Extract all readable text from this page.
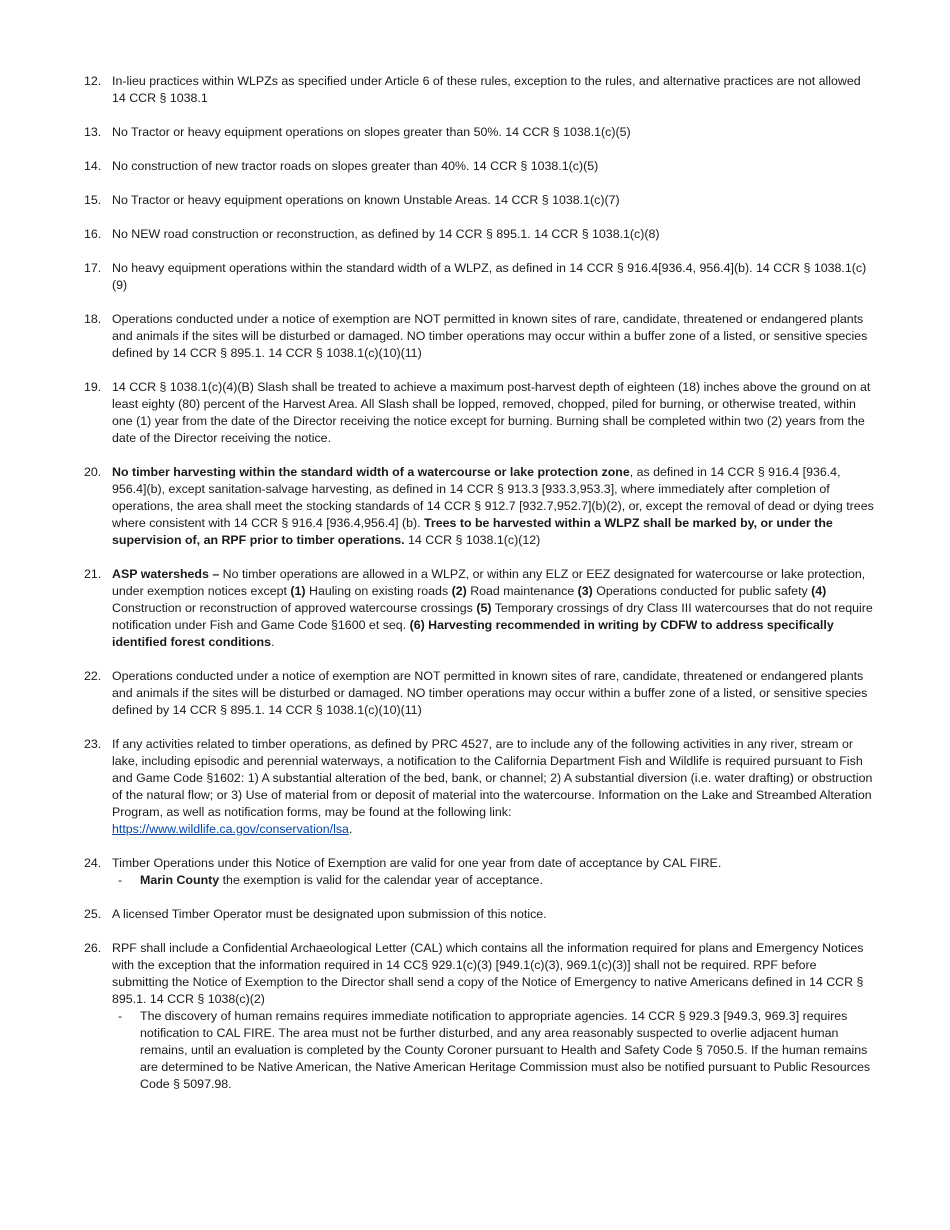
12. In-lieu practices within WLPZs as specified under Article 6 of these rules, exception to the rules, and alternative practices are not allowed 14 CCR § 1038.1

13. No Tractor or heavy equipment operations on slopes greater than 50%. 14 CCR § 1038.1(c)(5)

14. No construction of new tractor roads on slopes greater than 40%. 14 CCR § 1038.1(c)(5)

15. No Tractor or heavy equipment operations on known Unstable Areas. 14 CCR § 1038.1(c)(7)

16. No NEW road construction or reconstruction, as defined by 14 CCR § 895.1. 14 CCR § 1038.1(c)(8)

17. No heavy equipment operations within the standard width of a WLPZ, as defined in 14 CCR § 916.4[936.4, 956.4](b). 14 CCR § 1038.1(c)(9)

18. Operations conducted under a notice of exemption are NOT permitted in known sites of rare, candidate, threatened or endangered plants and animals if the sites will be disturbed or damaged. NO timber operations may occur within a buffer zone of a listed, or sensitive species defined by 14 CCR § 895.1. 14 CCR § 1038.1(c)(10)(11)

19. 14 CCR § 1038.1(c)(4)(B) Slash shall be treated to achieve a maximum post-harvest depth of eighteen (18) inches above the ground on at least eighty (80) percent of the Harvest Area. All Slash shall be lopped, removed, chopped, piled for burning, or otherwise treated, within one (1) year from the date of the Director receiving the notice except for burning. Burning shall be completed within two (2) years from the date of the Director receiving the notice.

20. No timber harvesting within the standard width of a watercourse or lake protection zone, as defined in 14 CCR § 916.4 [936.4, 956.4](b), except sanitation-salvage harvesting, as defined in 14 CCR § 913.3 [933.3,953.3], where immediately after completion of operations, the area shall meet the stocking standards of 14 CCR § 912.7 [932.7,952.7](b)(2), or, except the removal of dead or dying trees where consistent with 14 CCR § 916.4 [936.4,956.4] (b). Trees to be harvested within a WLPZ shall be marked by, or under the supervision of, an RPF prior to timber operations. 14 CCR § 1038.1(c)(12)

21. ASP watersheds – No timber operations are allowed in a WLPZ, or within any ELZ or EEZ designated for watercourse or lake protection, under exemption notices except (1) Hauling on existing roads (2) Road maintenance (3) Operations conducted for public safety (4) Construction or reconstruction of approved watercourse crossings (5) Temporary crossings of dry Class III watercourses that do not require notification under Fish and Game Code §1600 et seq. (6) Harvesting recommended in writing by CDFW to address specifically identified forest conditions.

22. Operations conducted under a notice of exemption are NOT permitted in known sites of rare, candidate, threatened or endangered plants and animals if the sites will be disturbed or damaged. NO timber operations may occur within a buffer zone of a listed, or sensitive species defined by 14 CCR § 895.1. 14 CCR § 1038.1(c)(10)(11)

23. If any activities related to timber operations, as defined by PRC 4527, are to include any of the following activities in any river, stream or lake, including episodic and perennial waterways, a notification to the California Department Fish and Wildlife is required pursuant to Fish and Game Code §1602: 1) A substantial alteration of the bed, bank, or channel; 2) A substantial diversion (i.e. water drafting) or obstruction of the natural flow; or 3) Use of material from or deposit of material into the watercourse. Information on the Lake and Streambed Alteration Program, as well as notification forms, may be found at the following link:
https://www.wildlife.ca.gov/conservation/lsa.

24. Timber Operations under this Notice of Exemption are valid for one year from date of acceptance by CAL FIRE.

- Marin County the exemption is valid for the calendar year of acceptance.

25. A licensed Timber Operator must be designated upon submission of this notice.

26. RPF shall include a Confidential Archaeological Letter (CAL) which contains all the information required for plans and Emergency Notices with the exception that the information required in 14 CC§ 929.1(c)(3) [949.1(c)(3), 969.1(c)(3)] shall not be required. RPF before submitting the Notice of Exemption to the Director shall send a copy of the Notice of Emergency to native Americans defined in 14 CCR § 895.1. 14 CCR § 1038(c)(2)

- The discovery of human remains requires immediate notification to appropriate agencies. 14 CCR § 929.3 [949.3, 969.3] requires notification to CAL FIRE. The area must not be further disturbed, and any area reasonably suspected to overlie adjacent human remains, until an evaluation is completed by the County Coroner pursuant to Health and Safety Code § 7050.5. If the human remains are determined to be Native American, the Native American Heritage Commission must also be notified pursuant to Public Resources Code § 5097.98.
